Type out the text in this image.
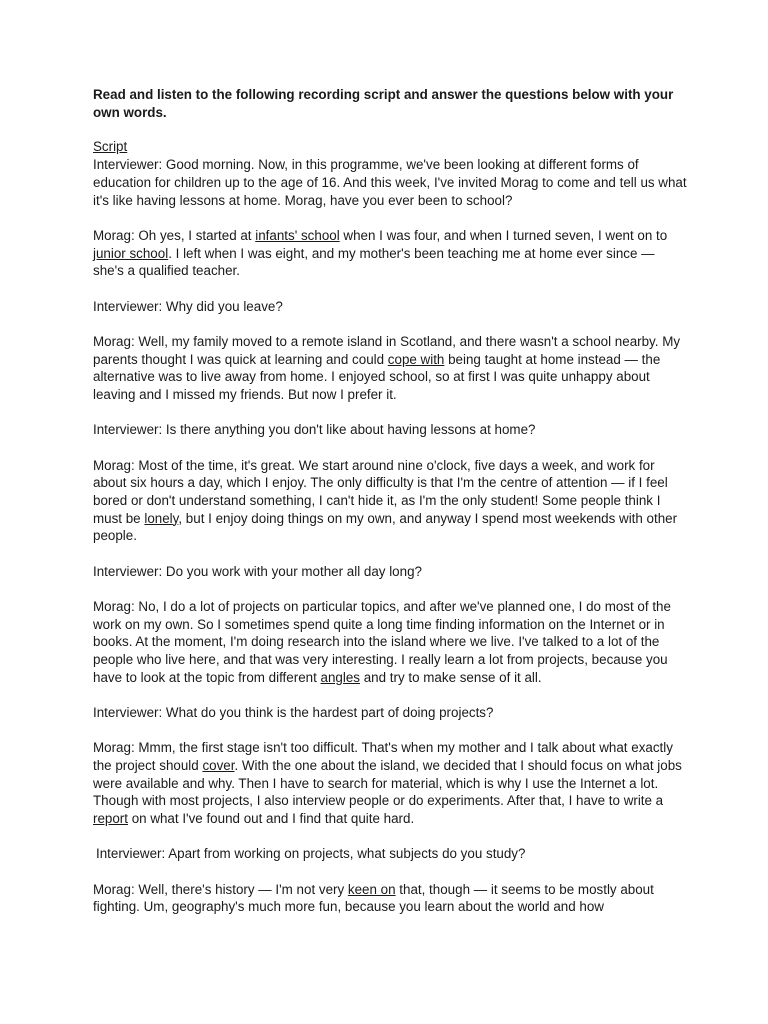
Read and listen to the following recording script and answer the questions below with your own words.
Script
Interviewer: Good morning. Now, in this programme, we've been looking at different forms of education for children up to the age of 16. And this week, I've invited Morag to come and tell us what it's like having lessons at home. Morag, have you ever been to school?
Morag: Oh yes, I started at infants' school when I was four, and when I turned seven, I went on to junior school. I left when I was eight, and my mother's been teaching me at home ever since — she's a qualified teacher.
Interviewer: Why did you leave?
Morag: Well, my family moved to a remote island in Scotland, and there wasn't a school nearby. My parents thought I was quick at learning and could cope with being taught at home instead — the alternative was to live away from home. I enjoyed school, so at first I was quite unhappy about leaving and I missed my friends. But now I prefer it.
Interviewer: Is there anything you don't like about having lessons at home?
Morag: Most of the time, it's great. We start around nine o'clock, five days a week, and work for about six hours a day, which I enjoy. The only difficulty is that I'm the centre of attention — if I feel bored or don't understand something, I can't hide it, as I'm the only student! Some people think I must be lonely, but I enjoy doing things on my own, and anyway I spend most weekends with other people.
Interviewer: Do you work with your mother all day long?
Morag: No, I do a lot of projects on particular topics, and after we've planned one, I do most of the work on my own. So I sometimes spend quite a long time finding information on the Internet or in books. At the moment, I'm doing research into the island where we live. I've talked to a lot of the people who live here, and that was very interesting. I really learn a lot from projects, because you have to look at the topic from different angles and try to make sense of it all.
Interviewer: What do you think is the hardest part of doing projects?
Morag: Mmm, the first stage isn't too difficult. That's when my mother and I talk about what exactly the project should cover. With the one about the island, we decided that I should focus on what jobs were available and why. Then I have to search for material, which is why I use the Internet a lot. Though with most projects, I also interview people or do experiments. After that, I have to write a report on what I've found out and I find that quite hard.
Interviewer: Apart from working on projects, what subjects do you study?
Morag: Well, there's history — I'm not very keen on that, though — it seems to be mostly about fighting. Um, geography's much more fun, because you learn about the world and how
